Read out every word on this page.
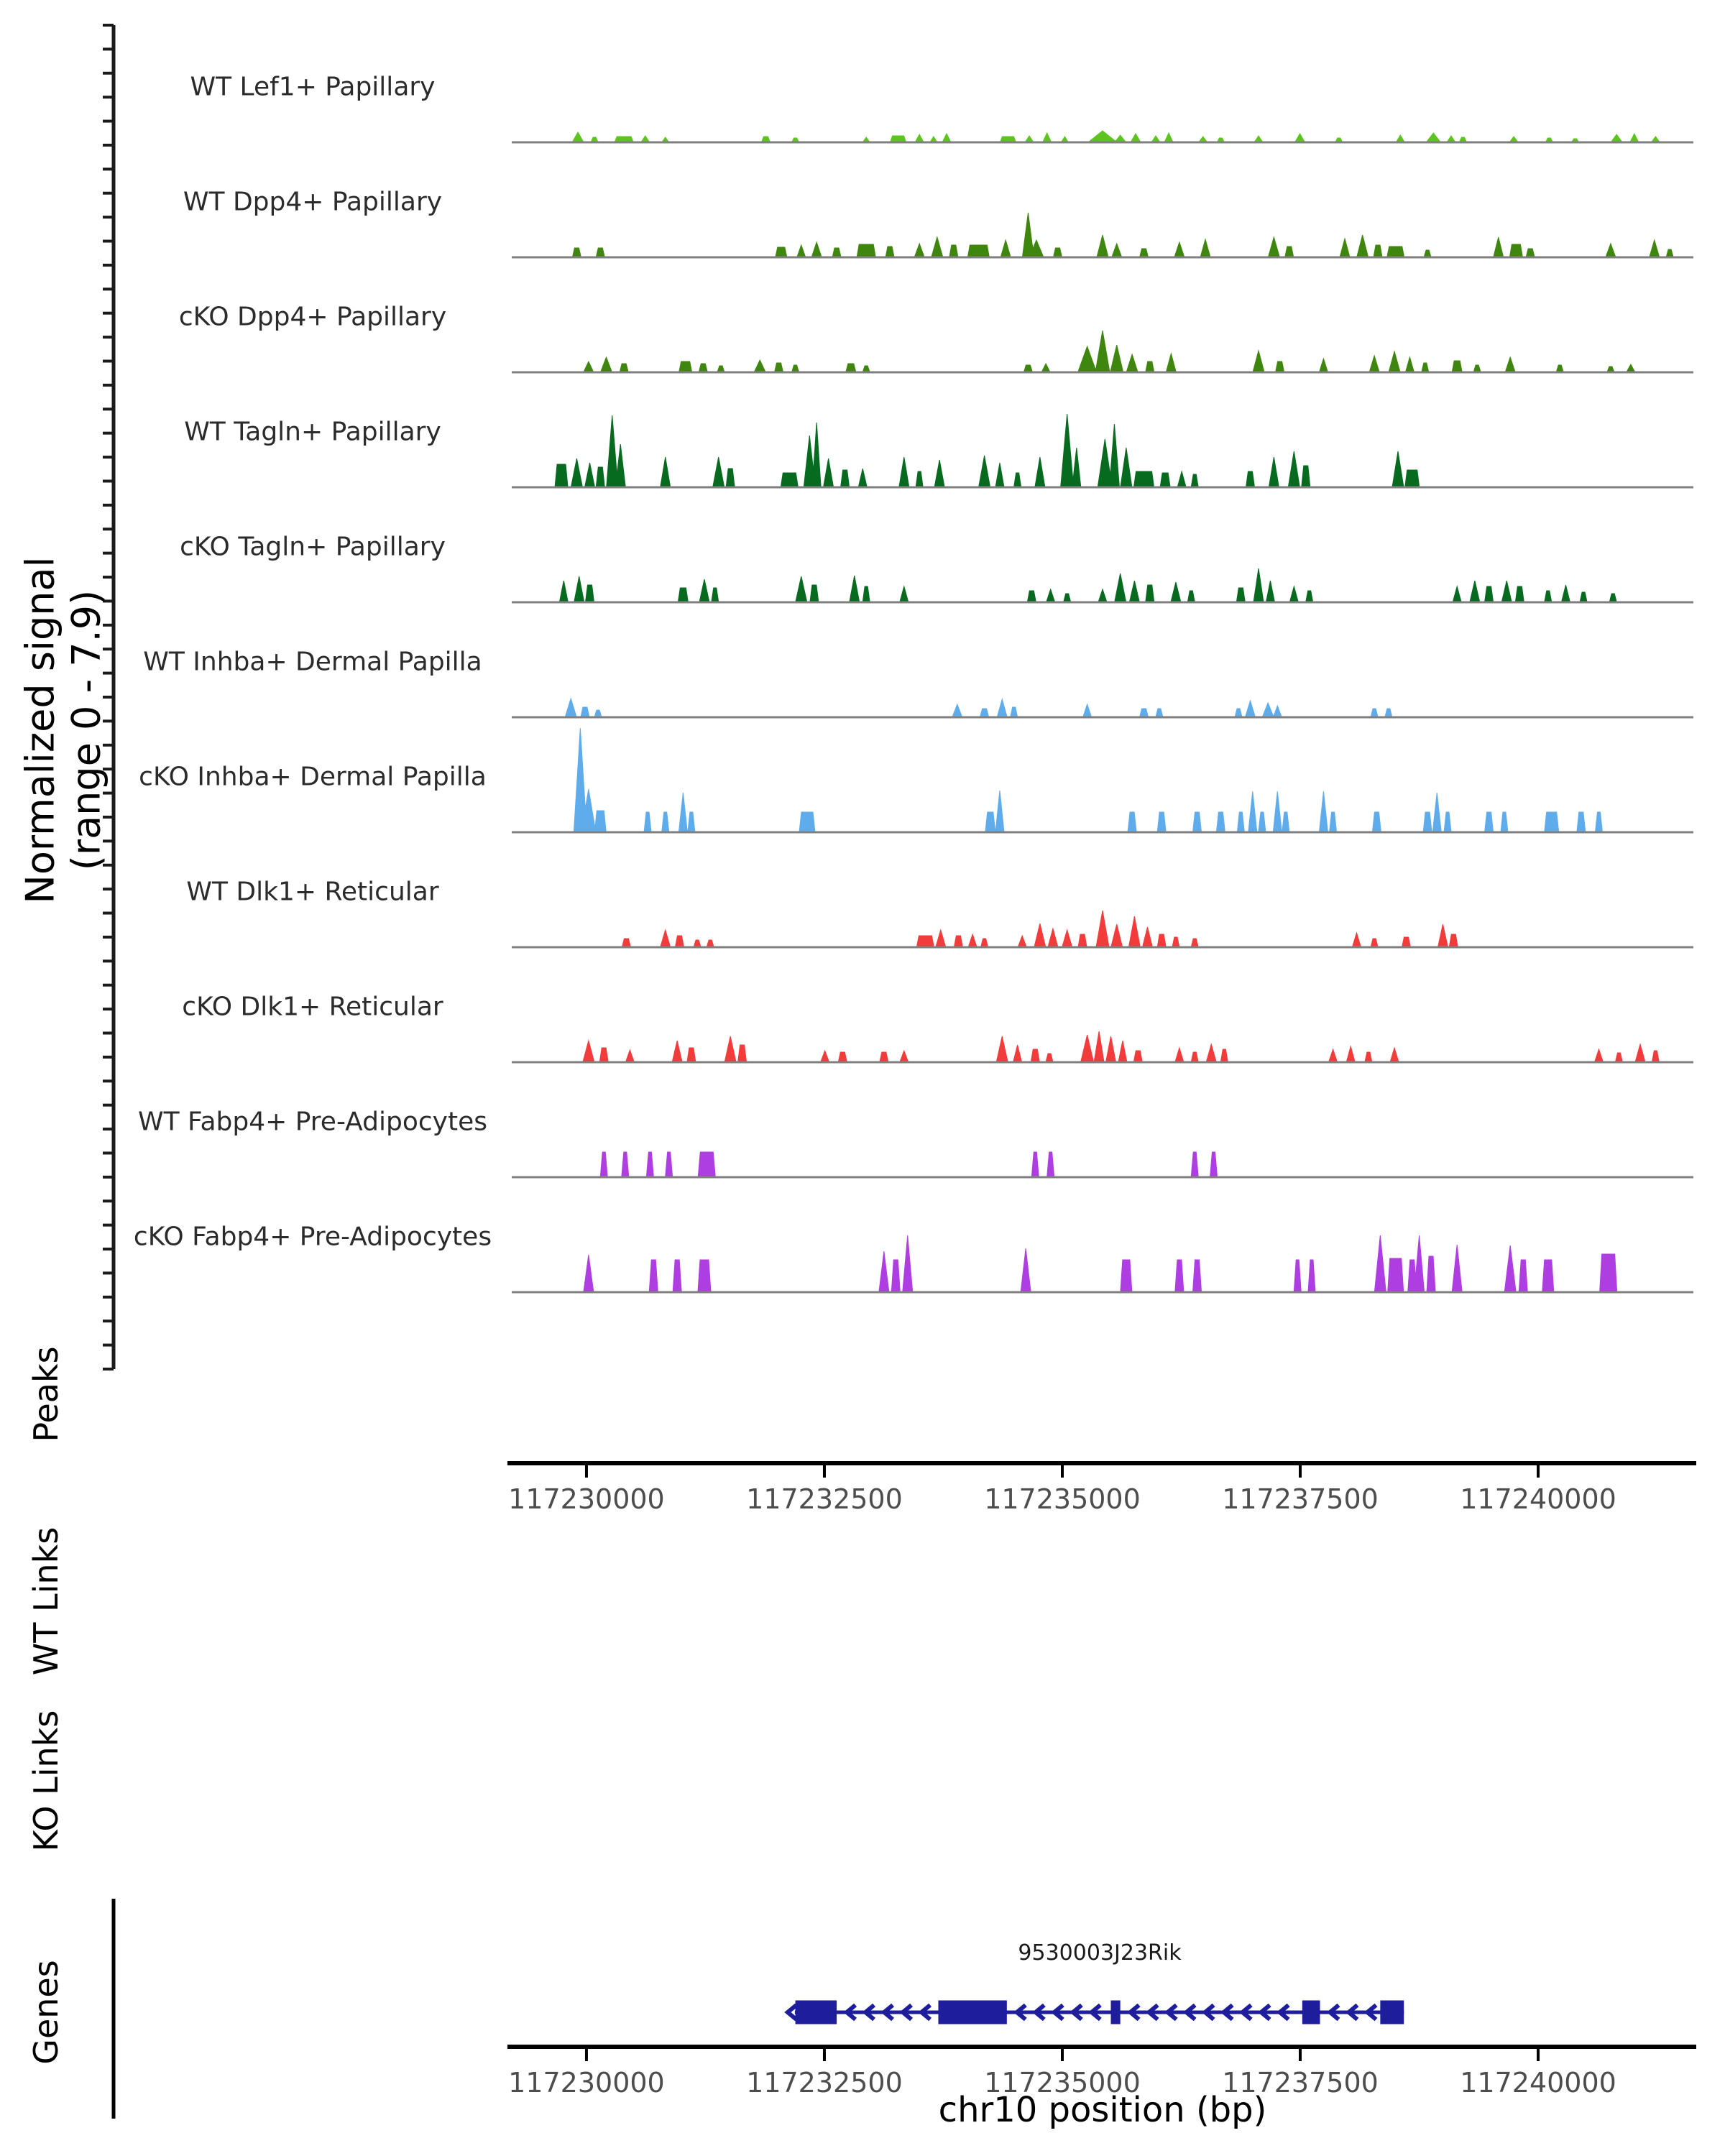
Normalized signal
(range 0 - 7.9)
Peaks
WT Links
KO Links
Genes
WT Lef1+ Papillary
WT Dpp4+ Papillary
cKO Dpp4+ Papillary
WT Tagln+ Papillary
cKO Tagln+ Papillary
WT Inhba+ Dermal Papilla
cKO Inhba+ Dermal Papilla
WT Dlk1+ Reticular
cKO Dlk1+ Reticular
WT Fabp4+ Pre-Adipocytes
cKO Fabp4+ Pre-Adipocytes
117230000	117232500	117235000	117237500	117240000
117230000	117232500	117235000	117237500	117240000
9530003J23Rik
chr10 position (bp)
